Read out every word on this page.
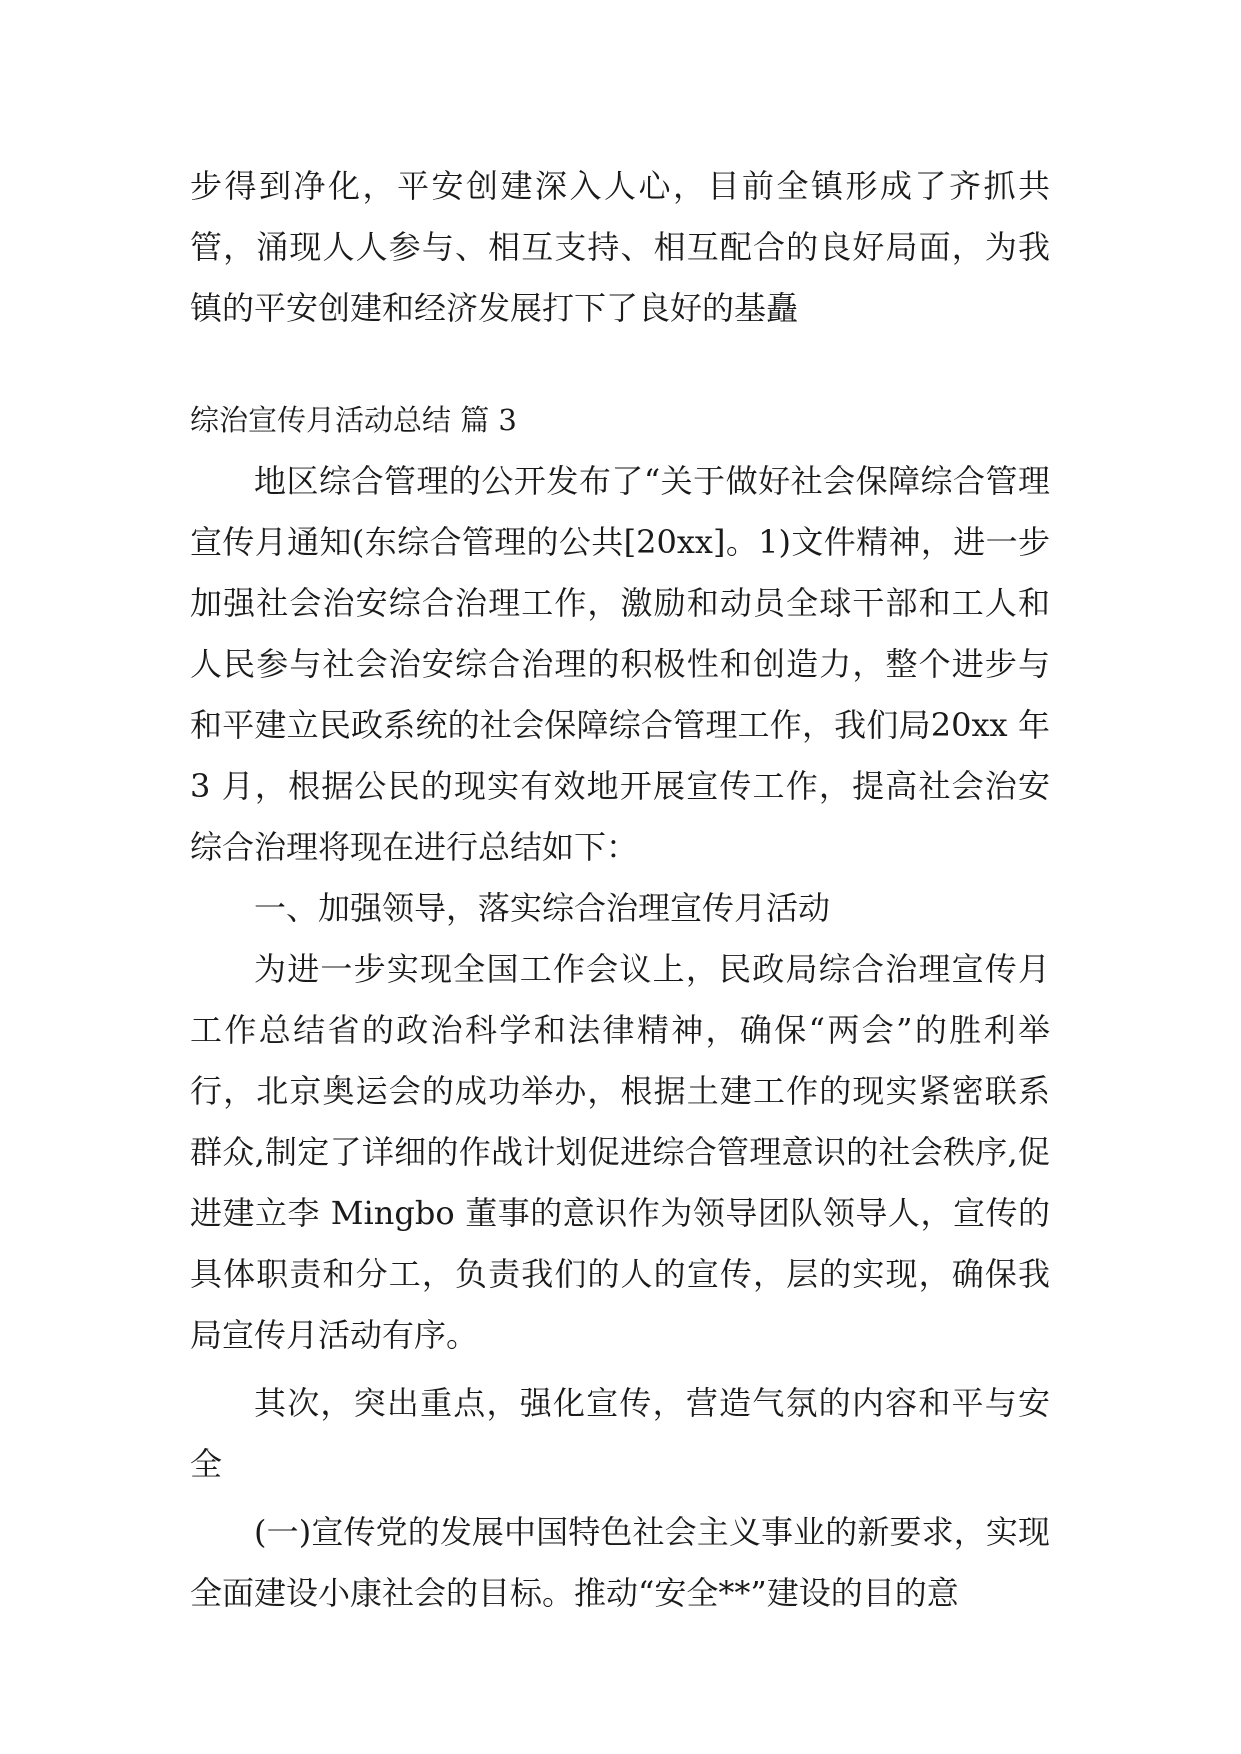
步得到净化，平安创建深入人心，目前全镇形成了齐抓共管，涌现人人参与、相互支持、相互配合的良好局面，为我镇的平安创建和经济发展打下了良好的基矗

综治宣传月活动总结 篇 3

地区综合管理的公开发布了“关于做好社会保障综合管理宣传月通知(东综合管理的公共[20xx]。1)文件精神，进一步加强社会治安综合治理工作，激励和动员全球干部和工人和人民参与社会治安综合治理的积极性和创造力，整个进步与和平建立民政系统的社会保障综合管理工作，我们局20xx 年 3 月，根据公民的现实有效地开展宣传工作，提高社会治安综合治理将现在进行总结如下：

一、加强领导，落实综合治理宣传月活动

为进一步实现全国工作会议上，民政局综合治理宣传月工作总结省的政治科学和法律精神，确保“两会”的胜利举行，北京奥运会的成功举办，根据土建工作的现实紧密联系群众,制定了详细的作战计划促进综合管理意识的社会秩序,促进建立李 Mingbo 董事的意识作为领导团队领导人，宣传的具体职责和分工，负责我们的人的宣传，层的实现，确保我局宣传月活动有序。

其次，突出重点，强化宣传，营造气氛的内容和平与安全

(一)宣传党的发展中国特色社会主义事业的新要求，实现全面建设小康社会的目标。推动“安全**”建设的目的意
